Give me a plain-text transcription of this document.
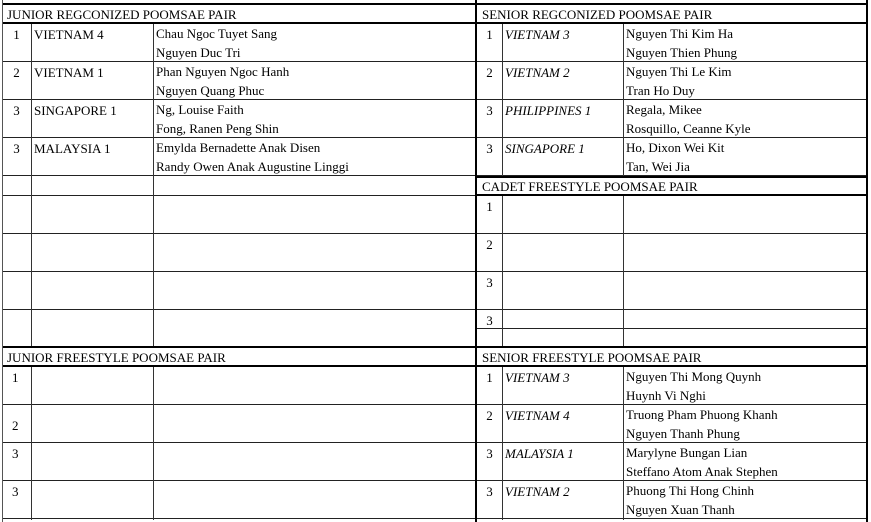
JUNIOR REGCONIZED POOMSAE PAIR
1	VIETNAM 4	Chau Ngoc Tuyet Sang
Nguyen Duc Tri
2	VIETNAM 1	Phan Nguyen Ngoc Hanh
Nguyen Quang Phuc
3	SINGAPORE 1	Ng, Louise Faith
Fong, Ranen Peng Shin
3	MALAYSIA 1	Emylda Bernadette Anak Disen
Randy Owen Anak Augustine Linggi
SENIOR REGCONIZED POOMSAE PAIR
1 VIETNAM 3	Nguyen Thi Kim Ha
Nguyen Thien Phung
2 VIETNAM 2	Nguyen Thi Le Kim
Tran Ho Duy
3 PHILIPPINES 1	Regala, Mikee
Rosquillo, Ceanne Kyle
3 SINGAPORE 1	Ho, Dixon Wei Kit
Tan, Wei Jia
CADET FREESTYLE POOMSAE PAIR
1
2
3
3
JUNIOR FREESTYLE POOMSAE PAIR
1
2
3
3
SENIOR FREESTYLE POOMSAE PAIR
1 VIETNAM 3	Nguyen Thi Mong Quynh
Huynh Vi Nghi
2 VIETNAM 4	Truong Pham Phuong Khanh
Nguyen Thanh Phung
3 MALAYSIA 1	Marylyne Bungan Lian
Steffano Atom Anak Stephen
3 VIETNAM 2	Phuong Thi Hong Chinh
Nguyen Xuan Thanh
